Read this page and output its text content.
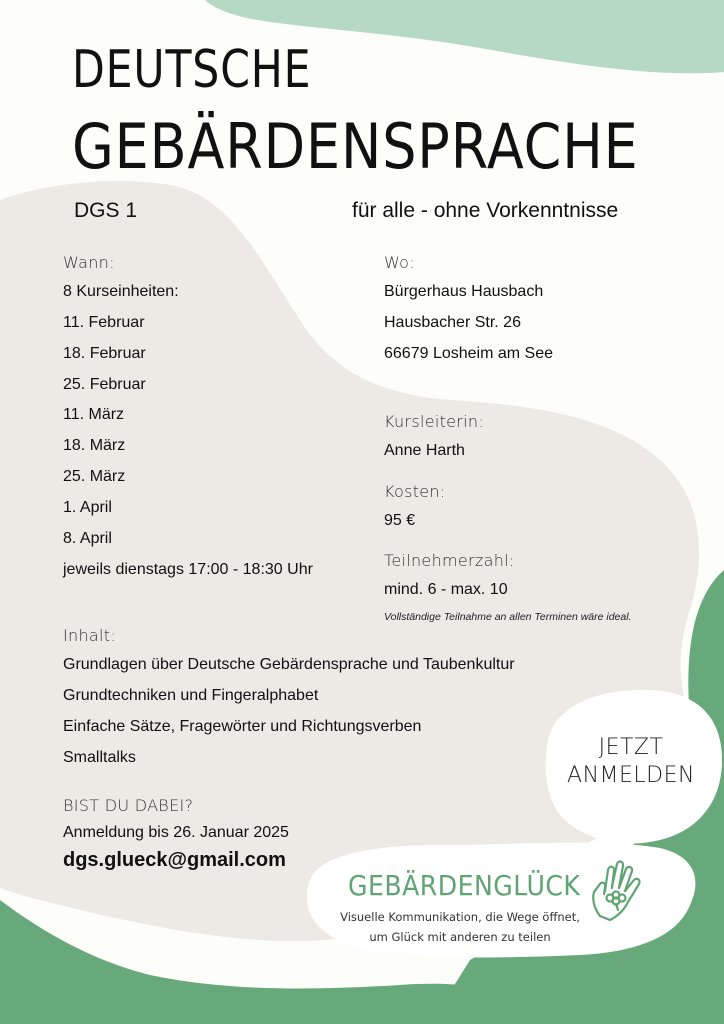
DEUTSCHE
GEBÄRDENSPRACHE
DGS 1	für alle - ohne Vorkenntnisse
Wann:
8 Kurseinheiten:
11. Februar
18. Februar
25. Februar
11. März
18. März
25. März
1. April
8. April
jeweils dienstags 17:00 - 18:30 Uhr
Wo:
Bürgerhaus Hausbach
Hausbacher Str. 26
66679 Losheim am See
Kursleiterin:
Anne Harth
Kosten:
95 €
Teilnehmerzahl:
mind. 6 - max. 10
Vollständige Teilnahme an allen Terminen wäre ideal.
Inhalt:
Grundlagen über Deutsche Gebärdensprache und Taubenkultur
Grundtechniken und Fingeralphabet
Einfache Sätze, Fragewörter und Richtungsverben
Smalltalks
BIST DU DABEI?
Anmeldung bis 26. Januar 2025
dgs.glueck@gmail.com
JETZT
ANMELDEN
GEBÄRDENGLÜCK
Visuelle Kommunikation, die Wege öffnet,
um Glück mit anderen zu teilen
